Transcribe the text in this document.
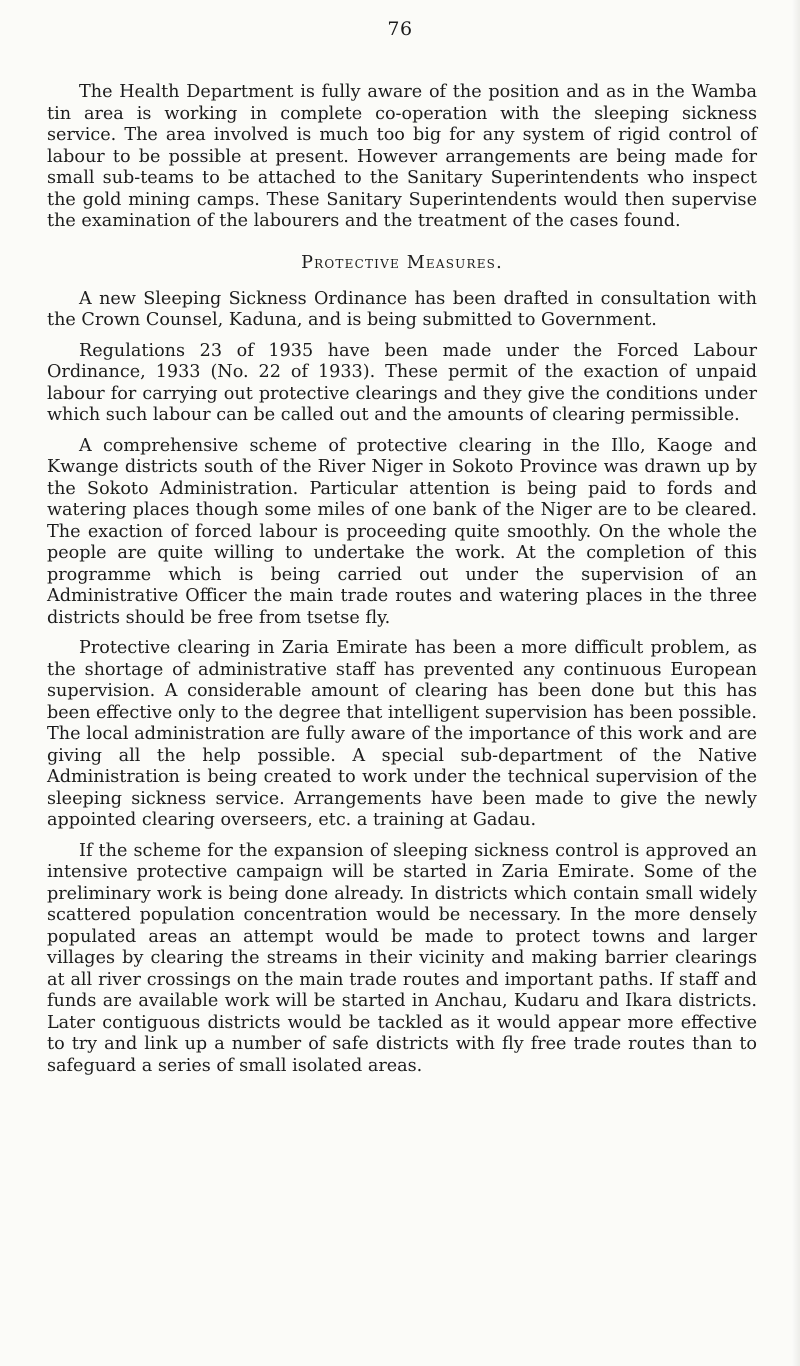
76

The Health Department is fully aware of the position and as in the Wamba tin area is working in complete co-operation with the sleeping sickness service. The area involved is much too big for any system of rigid control of labour to be possible at present. However arrangements are being made for small sub-teams to be attached to the Sanitary Superintendents who inspect the gold mining camps. These Sanitary Superintendents would then supervise the examination of the labourers and the treatment of the cases found.

Protective Measures.

A new Sleeping Sickness Ordinance has been drafted in consultation with the Crown Counsel, Kaduna, and is being submitted to Government.

Regulations 23 of 1935 have been made under the Forced Labour Ordinance, 1933 (No. 22 of 1933). These permit of the exaction of unpaid labour for carrying out protective clearings and they give the conditions under which such labour can be called out and the amounts of clearing permissible.

A comprehensive scheme of protective clearing in the Illo, Kaoge and Kwange districts south of the River Niger in Sokoto Province was drawn up by the Sokoto Administration. Particular attention is being paid to fords and watering places though some miles of one bank of the Niger are to be cleared. The exaction of forced labour is proceeding quite smoothly. On the whole the people are quite willing to undertake the work. At the completion of this programme which is being carried out under the supervision of an Administrative Officer the main trade routes and watering places in the three districts should be free from tsetse fly.

Protective clearing in Zaria Emirate has been a more difficult problem, as the shortage of administrative staff has prevented any continuous European supervision. A considerable amount of clearing has been done but this has been effective only to the degree that intelligent supervision has been possible. The local administration are fully aware of the importance of this work and are giving all the help possible. A special sub-department of the Native Administration is being created to work under the technical supervision of the sleeping sickness service. Arrangements have been made to give the newly appointed clearing overseers, etc. a training at Gadau.

If the scheme for the expansion of sleeping sickness control is approved an intensive protective campaign will be started in Zaria Emirate. Some of the preliminary work is being done already. In districts which contain small widely scattered population concentration would be necessary. In the more densely populated areas an attempt would be made to protect towns and larger villages by clearing the streams in their vicinity and making barrier clearings at all river crossings on the main trade routes and important paths. If staff and funds are available work will be started in Anchau, Kudaru and Ikara districts. Later contiguous districts would be tackled as it would appear more effective to try and link up a number of safe districts with fly free trade routes than to safeguard a series of small isolated areas.
